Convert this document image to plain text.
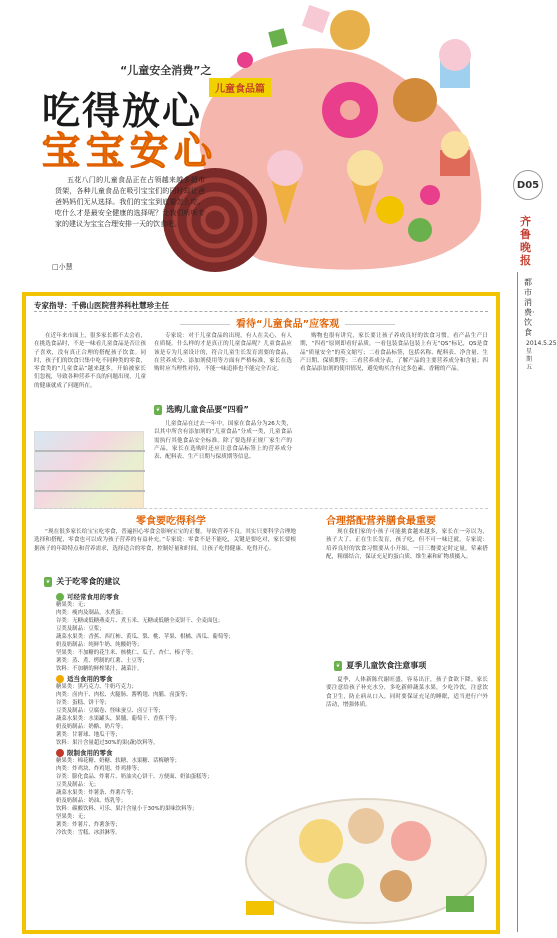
“儿童安全消费”之
儿童食品篇
吃得放心
宝宝安心
五花八门的儿童食品正在占领越来越多超市货架，各种儿童食品在吸引宝宝们的同时却让爸爸妈妈们无从选择。我们的宝宝到底要怎么吃、吃什么才是最安全健康的选择呢？让我们听听专家的建议为宝宝合理安排一天的饮食吧。
□小慧
D05
齐鲁晚报
都市消费·饮食
2014.5.25 星期五
专家指导：千佛山医院营养科杜慧珍主任
看待“儿童食品”应客观

在近年来市面上，很多家长都不太会看，在挑选食品时，不是一味看儿童食品是否让孩子喜欢，没有真正合理的搭配孩子饮食。同时，孩子们的饮食只集中吃不同种类的零食，零食类的“儿童食品”越来越多，开始被家长们忽视，导致各种营养不良的问题出现，儿童的健康就成了问题所在。

专家说：对于儿童食品的出现，有人在关心，有人在质疑。什么样的才是真正的儿童食品呢？儿童食品应该是专为儿童设计的，符合儿童生长发育需要的食品，在营养成分、添加剂使用等方面有严格标准，家长在选购时应当理性对待，不能一味追捧也不能完全否定。

❦ 选购儿童食品要“四看”

儿童食品在过去一年中，国家在食品分为26大类，以其中所含有添加剂的“儿童食品”分成一类，儿童食品需执行其他食品安全标准。除了要选择正规厂家生产的产品，家长在选购时还应注意食品标签上的营养成分表、配料表、生产日期与保质期等信息。

购物也很有讲究，家长要让孩子养成良好的饮食习惯。看产品生产日期，“四看”原则即看好品质，一看包装食品包装上有无“QS”标记，QS是食品“质量安全”的英文缩写；二看食品标签，包括名称、配料表、净含量、生产日期、保质期等；三看营养成分表，了解产品的主要营养成分和含量；四看食品添加剂的使用情况，避免购买含有过多色素、香精的产品。

零食要吃得科学

“现在很多家长给宝宝吃零食，普遍担心零食会影响宝宝的正餐，导致营养不良。其实只要科学合理地选择和搭配，零食也可以成为孩子营养的有益补充。”专家说：零食不是不能吃，关键是要吃对，家长要根据孩子的年龄特点和营养需求，选择适合的零食，控制好量和时间，让孩子吃得健康、吃得开心。

❦ 关于吃零食的建议
可经常食用的零食
糖果类：无；
肉类：瘦肉及制品，水煮蛋；
谷类：无糖或低糖燕麦片、煮玉米、无糖或低糖全麦饼干、全麦面包；
豆类及制品：豆浆；
蔬菜水果类：香蕉、西红柿、黄瓜、梨、桃、苹果、柑橘、西瓜、葡萄等；
奶及奶制品：纯鲜牛奶、纯酸奶等；
坚果类：不加糖的花生米、核桃仁、瓜子、杏仁、榛子等；
薯类：蒸、煮、烤制的红薯、土豆等；
饮料：不加糖的鲜榨果汁、蔬菜汁。
适当食用的零食
糖果类：黑巧克力、牛奶巧克力；
肉类：卤肉干、肉松、火腿肠、酱鸭翅、肉脯、卤蛋等；
谷类：蛋糕、饼干等；
豆类及制品：豆腐卷、怪味蚕豆、卤豆干等；
蔬菜水果类：水果罐头、果脯、葡萄干、香蕉干等；
奶及奶制品：奶酪、奶片等；
薯类：甘薯球、地瓜干等；
饮料：果汁含量超过30%的果(蔬)饮料等。
限制食用的零食
糖果类：棉花糖、奶糖、软糖、水果糖、话梅糖等；
肉类：炸鸡块、炸鸡翅、炸鸡排等；
谷类：膨化食品、炸薯片、奶油夹心饼干、方便面、奶油蛋糕等；
豆类及制品：无；
蔬菜水果类：炸薯条、炸薯片等；
奶及奶制品：奶油、炼乳等；
饮料：碳酸饮料、可乐、果汁含量小于30%的果味饮料等；
坚果类：无；
薯类：炸薯片、炸薯条等；
冷饮类：雪糕、冰淇淋等。
合理搭配营养膳食最重要

现在我们家的小孩子可能挑食越来越多，家长在一旁以为，孩子大了、正在生长发育，孩子吃，但不可一味迁就。专家说：培养良好的饮食习惯要从小开始，一日三餐要定时定量，荤素搭配，粗细结合，保证充足的蛋白质、维生素和矿物质摄入。

❦ 夏季儿童饮食注意事项

夏季，人体新陈代谢旺盛，容易出汗，孩子食欲下降。家长要注意给孩子补充水分，多吃新鲜蔬菜水果，少吃冷饮，注意饮食卫生，防止病从口入。同时要保证充足的睡眠，适当进行户外活动，增强体质。
